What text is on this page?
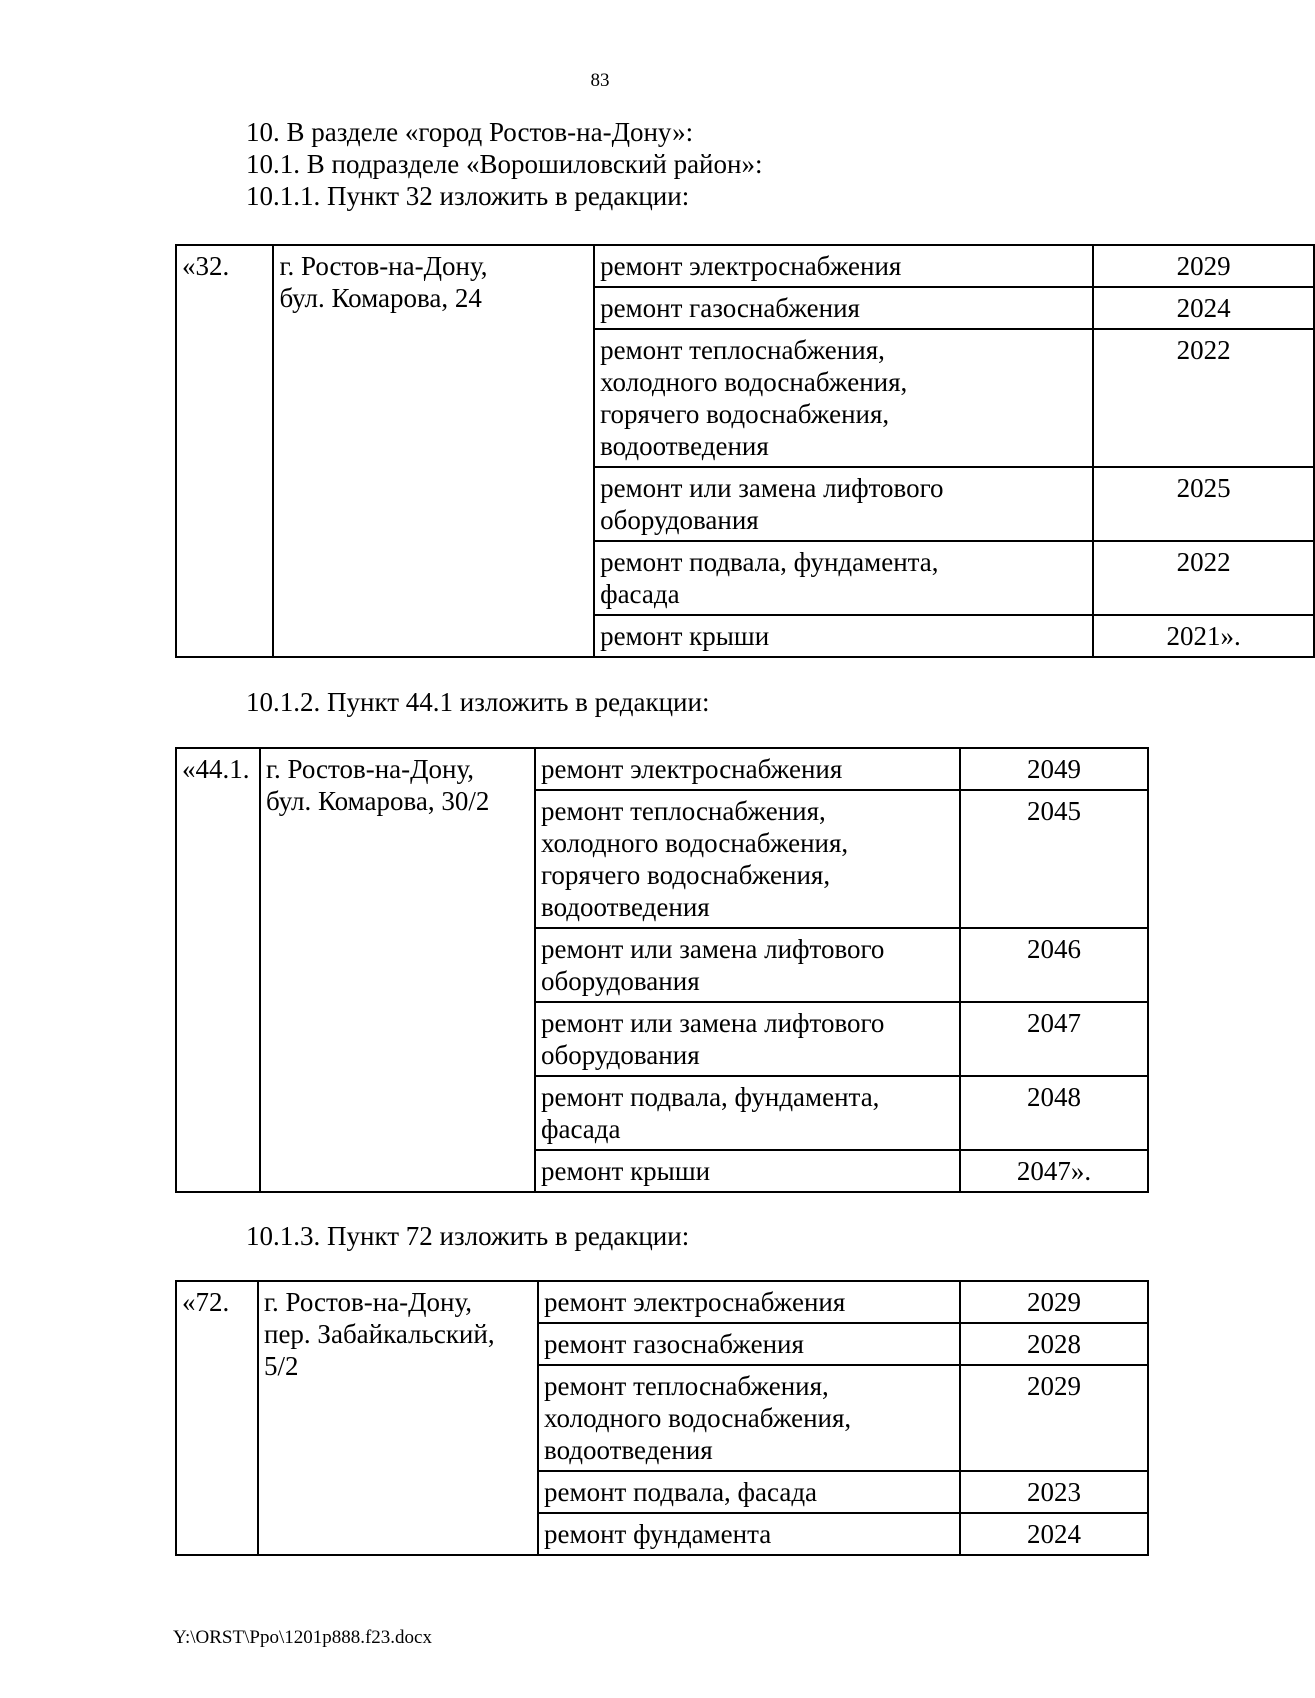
83
10. В разделе «город Ростов-на-Дону»:
10.1. В подразделе «Ворошиловский район»:
10.1.1. Пункт 32 изложить в редакции:
«32.	г. Ростов-на-Дону,
бул. Комарова, 24	ремонт электроснабжения	2029
		ремонт газоснабжения	2024
		ремонт теплоснабжения,
холодного водоснабжения,
горячего водоснабжения,
водоотведения	2022
		ремонт или замена лифтового
оборудования	2025
		ремонт подвала, фундамента,
фасада	2022
		ремонт крыши	2021».
10.1.2. Пункт 44.1 изложить в редакции:
«44.1.	г. Ростов-на-Дону,
бул. Комарова, 30/2	ремонт электроснабжения	2049
		ремонт теплоснабжения,
холодного водоснабжения,
горячего водоснабжения,
водоотведения	2045
		ремонт или замена лифтового
оборудования	2046
		ремонт или замена лифтового
оборудования	2047
		ремонт подвала, фундамента,
фасада	2048
		ремонт крыши	2047».
10.1.3. Пункт 72 изложить в редакции:
«72.	г. Ростов-на-Дону,
пер. Забайкальский,
5/2	ремонт электроснабжения	2029
		ремонт газоснабжения	2028
		ремонт теплоснабжения,
холодного водоснабжения,
водоотведения	2029
		ремонт подвала, фасада	2023
		ремонт фундамента	2024
Y:\ORST\Ppo\1201p888.f23.docx
